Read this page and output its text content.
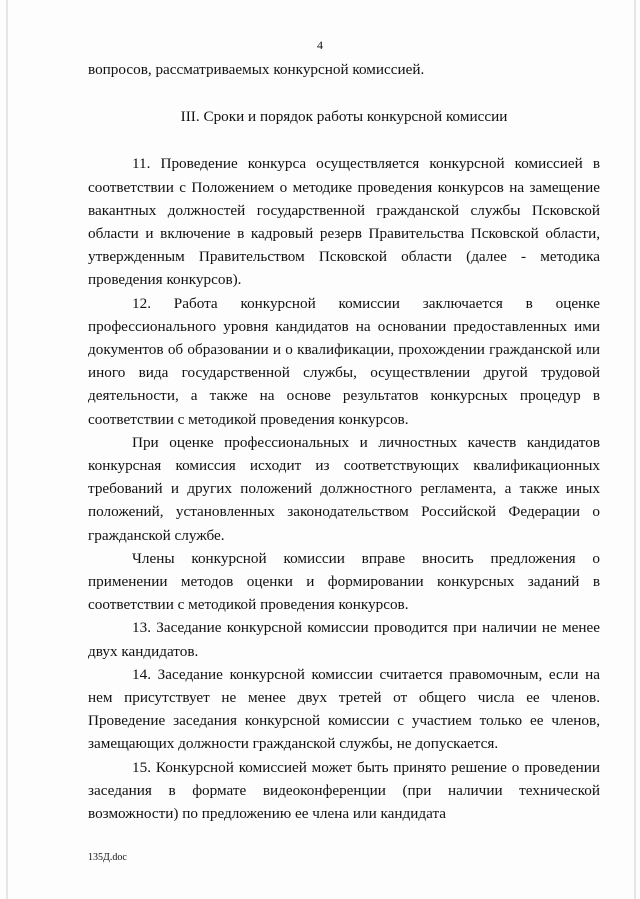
4

вопросов, рассматриваемых конкурсной комиссией.

III. Сроки и порядок работы конкурсной комиссии

11. Проведение конкурса осуществляется конкурсной комиссией в соответствии с Положением о методике проведения конкурсов на замещение вакантных должностей государственной гражданской службы Псковской области и включение в кадровый резерв Правительства Псковской области, утвержденным Правительством Псковской области (далее - методика проведения конкурсов).

12. Работа конкурсной комиссии заключается в оценке профессионального уровня кандидатов на основании предоставленных ими документов об образовании и о квалификации, прохождении гражданской или иного вида государственной службы, осуществлении другой трудовой деятельности, а также на основе результатов конкурсных процедур в соответствии с методикой проведения конкурсов.

При оценке профессиональных и личностных качеств кандидатов конкурсная комиссия исходит из соответствующих квалификационных требований и других положений должностного регламента, а также иных положений, установленных законодательством Российской Федерации о гражданской службе.

Члены конкурсной комиссии вправе вносить предложения о применении методов оценки и формировании конкурсных заданий в соответствии с методикой проведения конкурсов.

13. Заседание конкурсной комиссии проводится при наличии не менее двух кандидатов.

14. Заседание конкурсной комиссии считается правомочным, если на нем присутствует не менее двух третей от общего числа ее членов. Проведение заседания конкурсной комиссии с участием только ее членов, замещающих должности гражданской службы, не допускается.

15. Конкурсной комиссией может быть принято решение о проведении заседания в формате видеоконференции (при наличии технической возможности) по предложению ее члена или кандидата

135Д.doc
